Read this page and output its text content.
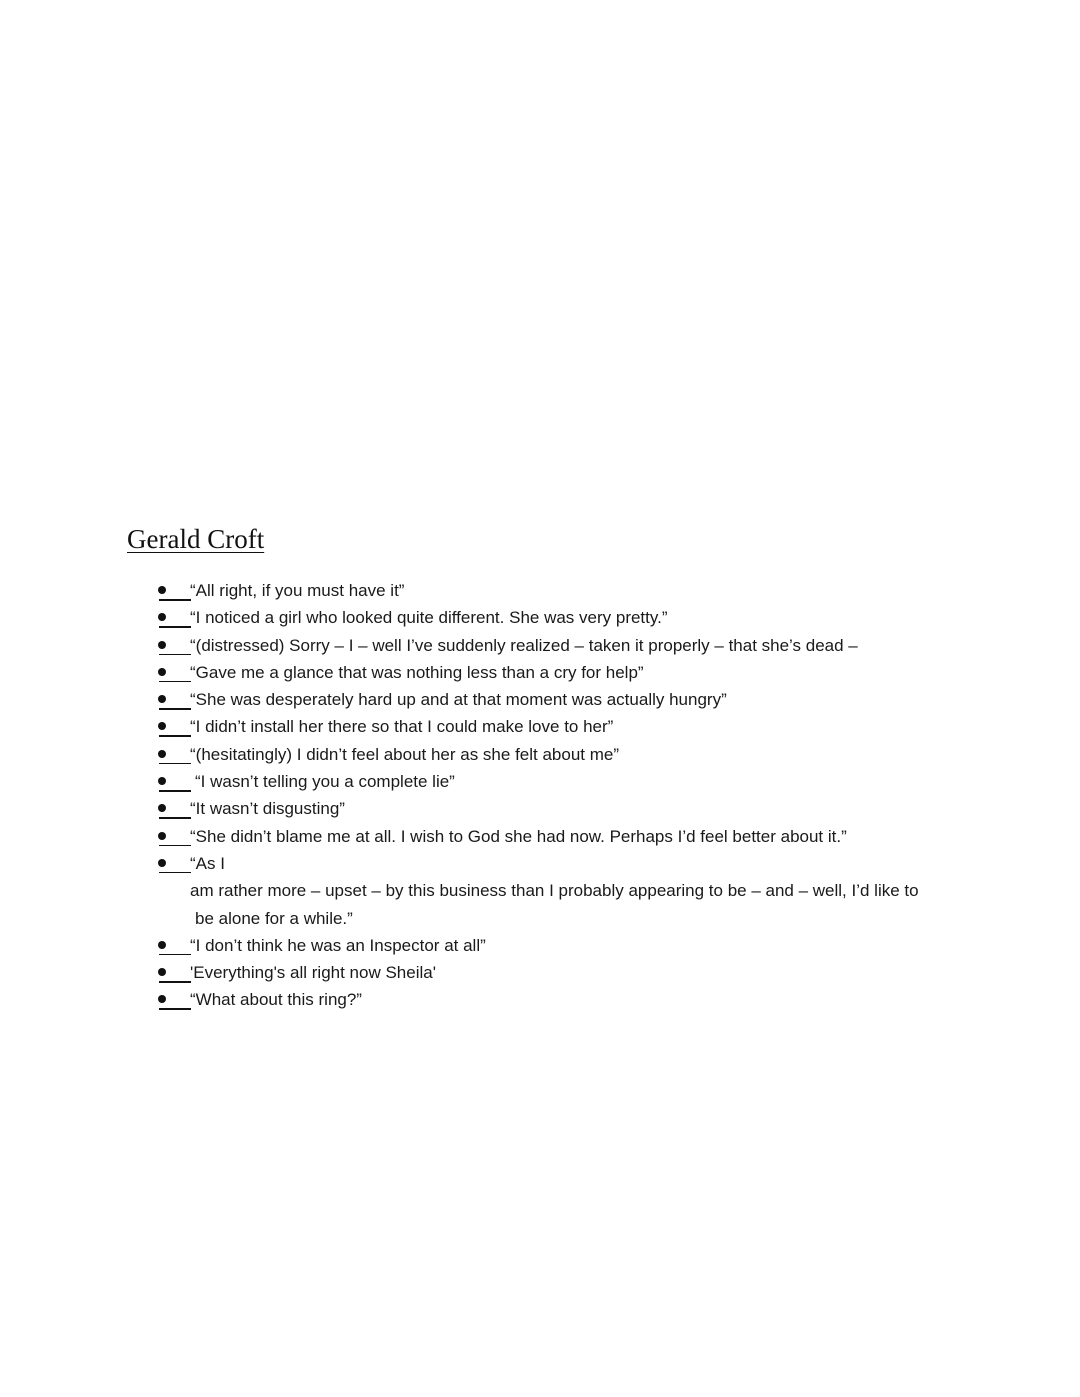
Gerald Croft
“All right, if you must have it”
“I noticed a girl who looked quite different. She was very pretty.”
“(distressed) Sorry – I – well I’ve suddenly realized – taken it properly – that she’s dead –
“Gave me a glance that was nothing less than a cry for help”
“She was desperately hard up and at that moment was actually hungry”
“I didn’t install her there so that I could make love to her”
“(hesitatingly) I didn’t feel about her as she felt about me”
“I wasn’t telling you a complete lie”
“It wasn’t disgusting”
“She didn’t blame me at all. I wish to God she had now. Perhaps I’d feel better about it.”
“As I
am rather more – upset – by this business than I probably appearing to be – and – well, I’d like to
be alone for a while.”
“I don’t think he was an Inspector at all”
'Everything's all right now Sheila'
“What about this ring?”
